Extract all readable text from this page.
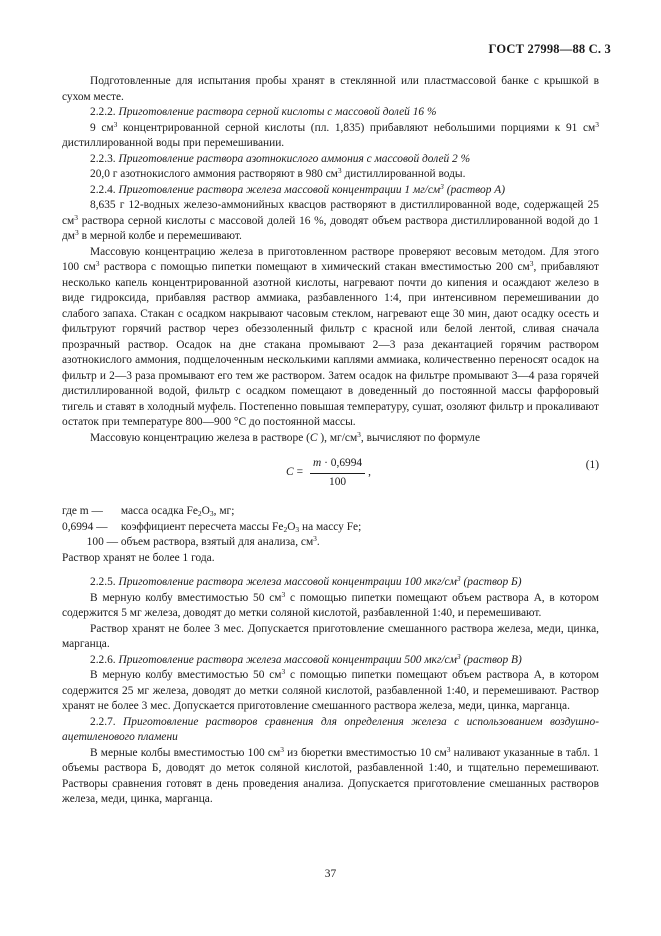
ГОСТ 27998—88 С. 3

Подготовленные для испытания пробы хранят в стеклянной или пластмассовой банке с крышкой в сухом месте.

2.2.2. Приготовление раствора серной кислоты с массовой долей 16 %

9 $см^3$ концентрированной серной кислоты (пл. 1,835) прибавляют небольшими порциями к 91 $см^3$ дистиллированной воды при перемешивании.

2.2.3. Приготовление раствора азотнокислого аммония с массовой долей 2 %

20,0 г азотнокислого аммония растворяют в 980 $см^3$ дистиллированной воды.

2.2.4. Приготовление раствора железа массовой концентрации 1 $мг/см^3$ (раствор А)

8,635 г 12-водных железо-аммонийных квасцов растворяют в дистиллированной воде, содержащей 25 $см^3$ раствора серной кислоты с массовой долей 16 %, доводят объем раствора дистиллированной водой до 1 $дм^3$ в мерной колбе и перемешивают.

Массовую концентрацию железа в приготовленном растворе проверяют весовым методом. Для этого 100 $см^3$ раствора с помощью пипетки помещают в химический стакан вместимостью 200 $см^3$, прибавляют несколько капель концентрированной азотной кислоты, нагревают почти до кипения и осаждают железо в виде гидроксида, прибавляя раствор аммиака, разбавленного 1:4, при интенсивном перемешивании до слабого запаха. Стакан с осадком накрывают часовым стеклом, нагревают еще 30 мин, дают осадку осесть и фильтруют горячий раствор через обеззоленный фильтр с красной или белой лентой, сливая сначала прозрачный раствор. Осадок на дне стакана промывают 2—3 раза декантацией горячим раствором азотнокислого аммония, подщелоченным несколькими каплями аммиака, количественно переносят осадок на фильтр и 2—3 раза промывают его тем же раствором. Затем осадок на фильтре промывают 3—4 раза горячей дистиллированной водой, фильтр с осадком помещают в доведенный до постоянной массы фарфоровый тигель и ставят в холодный муфель. Постепенно повышая температуру, сушат, озоляют фильтр и прокаливают остаток при температуре 800—900 °С до постоянной массы.

Массовую концентрацию железа в растворе (C ), $мг/см^3$, вычисляют по формуле

$C = \frac{m \cdot 0,6994}{100}$ ,
(1)

где m — масса осадка $Fe_2O_3$, мг;

0,6994 — коэффициент пересчета массы $Fe_2O_3$ на массу Fe;

100 — объем раствора, взятый для анализа, $см^3$.

Раствор хранят не более 1 года.

2.2.5. Приготовление раствора железа массовой концентрации 100 мкг/$см^3$ (раствор Б)

В мерную колбу вместимостью 50 $см^3$ с помощью пипетки помещают объем раствора А, в котором содержится 5 мг железа, доводят до метки соляной кислотой, разбавленной 1:40, и перемешивают.

Раствор хранят не более 3 мес. Допускается приготовление смешанного раствора железа, меди, цинка, марганца.

2.2.6. Приготовление раствора железа массовой концентрации 500 мкг/$см^3$ (раствор В)

В мерную колбу вместимостью 50 $см^3$ с помощью пипетки помещают объем раствора А, в котором содержится 25 мг железа, доводят до метки соляной кислотой, разбавленной 1:40, и перемешивают. Раствор хранят не более 3 мес. Допускается приготовление смешанного раствора железа, меди, цинка, марганца.

2.2.7. Приготовление растворов сравнения для определения железа с использованием воздушно-ацетиленового пламени

В мерные колбы вместимостью 100 $см^3$ из бюретки вместимостью 10 $см^3$ наливают указанные в табл. 1 объемы раствора Б, доводят до меток соляной кислотой, разбавленной 1:40, и тщательно перемешивают. Растворы сравнения готовят в день проведения анализа. Допускается приготовление смешанных растворов железа, меди, цинка, марганца.

37
